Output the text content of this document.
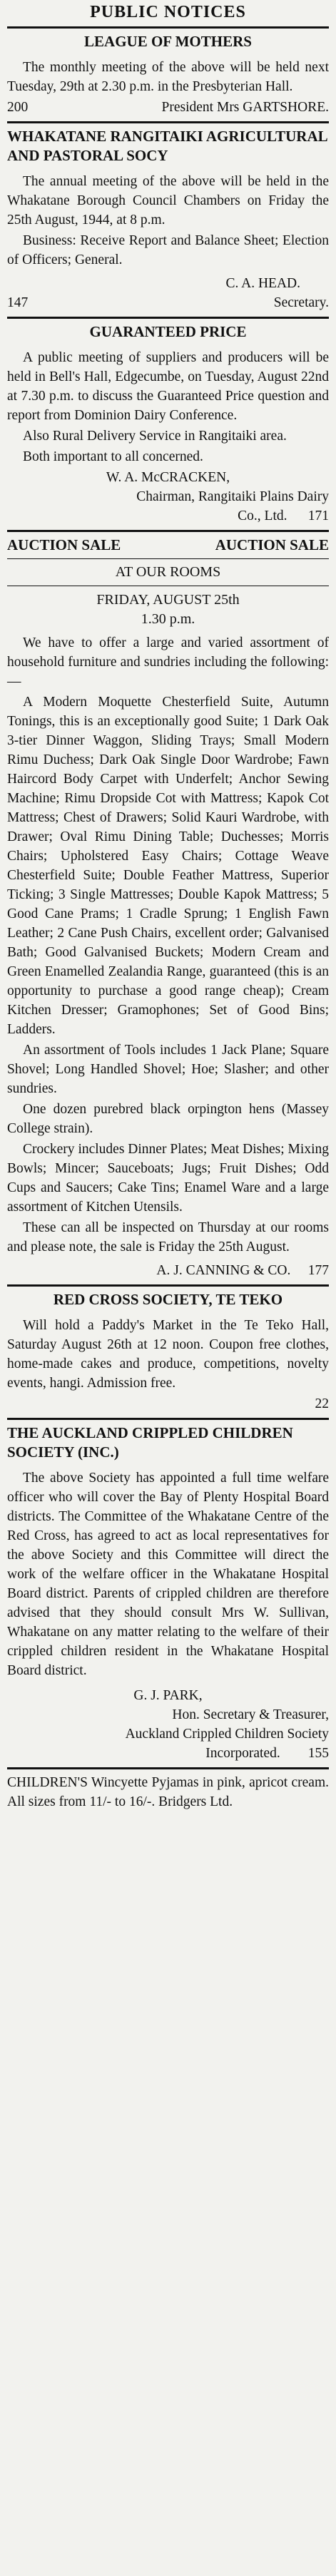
PUBLIC NOTICES
LEAGUE OF MOTHERS

The monthly meeting of the above will be held next Tuesday, 29th at 2.30 p.m. in the Presbyterian Hall.

200	President Mrs GARTSHORE.
WHAKATANE RANGITAIKI AGRICULTURAL AND PASTORAL SOCY

The annual meeting of the above will be held in the Whakatane Borough Council Chambers on Friday the 25th August, 1944, at 8 p.m.

Business: Receive Report and Balance Sheet; Election of Officers; General.

C. A. HEAD.
147	Secretary.
GUARANTEED PRICE

A public meeting of suppliers and producers will be held in Bell's Hall, Edgecumbe, on Tuesday, August 22nd at 7.30 p.m. to discuss the Guaranteed Price question and report from Dominion Dairy Conference.

Also Rural Delivery Service in Rangitaiki area.

Both important to all concerned.

W. A. McCRACKEN,
Chairman, Rangitaiki Plains Dairy
Co., Ltd. 171
AUCTION SALE	AUCTION SALE
AT OUR ROOMS
FRIDAY, AUGUST 25th
1.30 p.m.

We have to offer a large and varied assortment of household furniture and sundries including the following:—

A Modern Moquette Chesterfield Suite, Autumn Tonings, this is an exceptionally good Suite; 1 Dark Oak 3-tier Dinner Waggon, Sliding Trays; Small Modern Rimu Duchess; Dark Oak Single Door Wardrobe; Fawn Haircord Body Carpet with Underfelt; Anchor Sewing Machine; Rimu Dropside Cot with Mattress; Kapok Cot Mattress; Chest of Drawers; Solid Kauri Wardrobe, with Drawer; Oval Rimu Dining Table; Duchesses; Morris Chairs; Upholstered Easy Chairs; Cottage Weave Chesterfield Suite; Double Feather Mattress, Superior Ticking; 3 Single Mattresses; Double Kapok Mattress; 5 Good Cane Prams; 1 Cradle Sprung; 1 English Fawn Leather; 2 Cane Push Chairs, excellent order; Galvanised Bath; Good Galvanised Buckets; Modern Cream and Green Enamelled Zealandia Range, guaranteed (this is an opportunity to purchase a good range cheap); Cream Kitchen Dresser; Gramophones; Set of Good Bins; Ladders.

An assortment of Tools includes 1 Jack Plane; Square Shovel; Long Handled Shovel; Hoe; Slasher; and other sundries.

One dozen purebred black orpington hens (Massey College strain).

Crockery includes Dinner Plates; Meat Dishes; Mixing Bowls; Mincer; Sauceboats; Jugs; Fruit Dishes; Odd Cups and Saucers; Cake Tins; Enamel Ware and a large assortment of Kitchen Utensils.

These can all be inspected on Thursday at our rooms and please note, the sale is Friday the 25th August.

A. J. CANNING & CO. 177
RED CROSS SOCIETY, TE TEKO

Will hold a Paddy's Market in the Te Teko Hall, Saturday August 26th at 12 noon. Coupon free clothes, home-made cakes and produce, competitions, novelty events, hangi. Admission free.

22
THE AUCKLAND CRIPPLED CHILDREN SOCIETY (INC.)

The above Society has appointed a full time welfare officer who will cover the Bay of Plenty Hospital Board districts. The Committee of the Whakatane Centre of the Red Cross, has agreed to act as local representatives for the above Society and this Committee will direct the work of the welfare officer in the Whakatane Hospital Board district. Parents of crippled children are therefore advised that they should consult Mrs W. Sullivan, Whakatane on any matter relating to the welfare of their crippled children resident in the Whakatane Hospital Board district.

G. J. PARK,
Hon. Secretary & Treasurer,
Auckland Crippled Children Society
Incorporated. 155

CHILDREN'S Wincyette Pyjamas in pink, apricot cream. All sizes from 11/- to 16/-. Bridgers Ltd.
